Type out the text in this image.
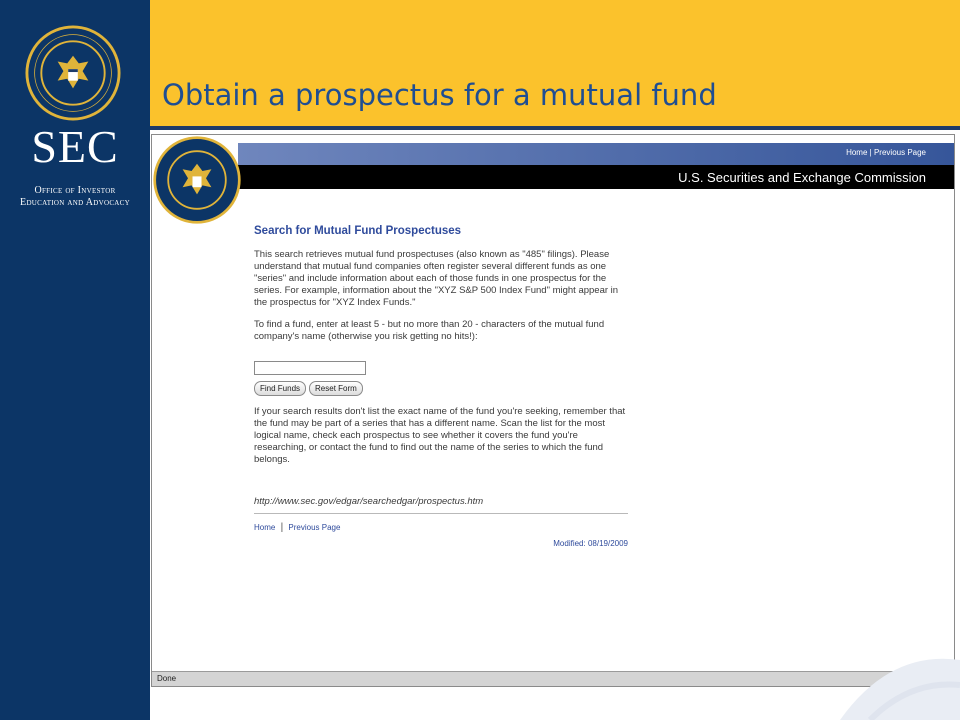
SEC
Office of Investor
Education and Advocacy
Obtain a prospectus for a mutual fund
Home | Previous Page
U.S. Securities and Exchange Commission
Search for Mutual Fund Prospectuses

This search retrieves mutual fund prospectuses (also known as "485" filings). Please understand that mutual fund companies often register several different funds as one "series" and include information about each of those funds in one prospectus for the series. For example, information about the "XYZ S&P 500 Index Fund" might appear in the prospectus for "XYZ Index Funds."

To find a fund, enter at least 5 - but no more than 20 - characters of the mutual fund company's name (otherwise you risk getting no hits!):

Find Funds	Reset Form

If your search results don't list the exact name of the fund you're seeking, remember that the fund may be part of a series that has a different name. Scan the list for the most logical name, check each prospectus to see whether it covers the fund you're researching, or contact the fund to find out the name of the series to which the fund belongs.

http://www.sec.gov/edgar/searchedgar/prospectus.htm
Home | Previous Page
Modified: 08/19/2009
Done
